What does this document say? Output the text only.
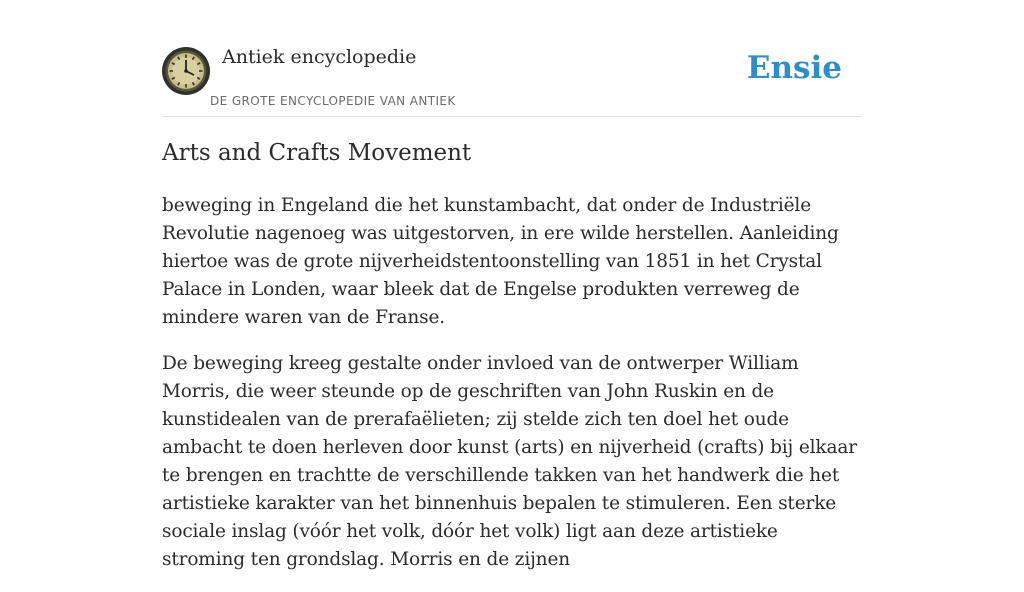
Antiek encyclopedie
DE GROTE ENCYCLOPEDIE VAN ANTIEK
Ensie
Arts and Crafts Movement

beweging in Engeland die het kunstambacht, dat onder de Industriële Revolutie nagenoeg was uitgestorven, in ere wilde herstellen. Aanleiding hiertoe was de grote nijverheidstentoonstelling van 1851 in het Crystal Palace in Londen, waar bleek dat de Engelse produkten verreweg de mindere waren van de Franse.

De beweging kreeg gestalte onder invloed van de ontwerper William Morris, die weer steunde op de geschriften van John Ruskin en de kunstidealen van de prerafaëlieten; zij stelde zich ten doel het oude ambacht te doen herleven door kunst (arts) en nijverheid (crafts) bij elkaar te brengen en trachtte de verschillende takken van het handwerk die het artistieke karakter van het binnenhuis bepalen te stimuleren. Een sterke sociale inslag (vóór het volk, dóór het volk) ligt aan deze artistieke stroming ten grondslag. Morris en de zijnen
